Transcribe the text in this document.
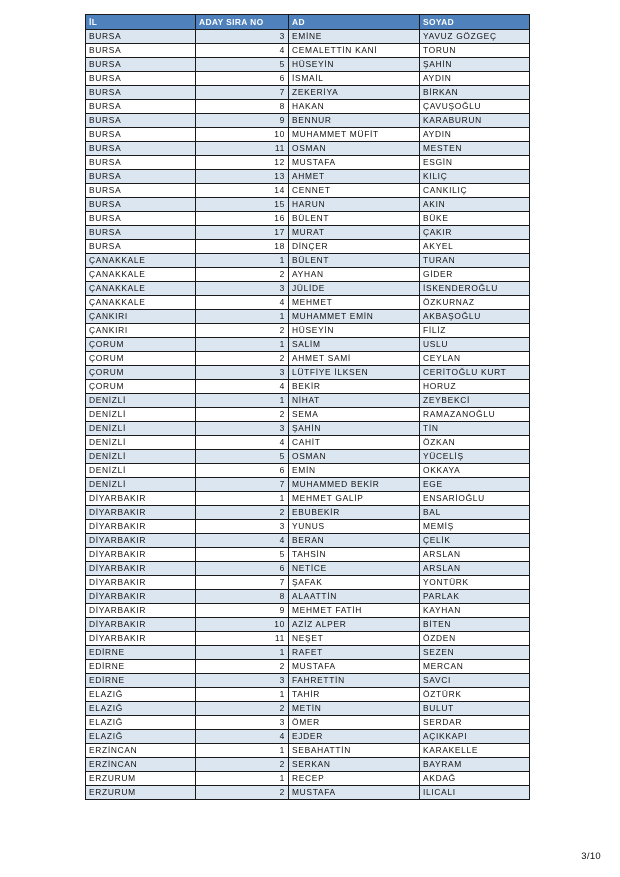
İL	ADAY SIRA NO	AD	SOYAD
BURSA	3	EMİNE	YAVUZ GÖZGEÇ
BURSA	4	CEMALETTİN KANİ	TORUN
BURSA	5	HÜSEYİN	ŞAHİN
BURSA	6	İSMAİL	AYDIN
BURSA	7	ZEKERİYA	BİRKAN
BURSA	8	HAKAN	ÇAVUŞOĞLU
BURSA	9	BENNUR	KARABURUN
BURSA	10	MUHAMMET MÜFİT	AYDIN
BURSA	11	OSMAN	MESTEN
BURSA	12	MUSTAFA	ESGİN
BURSA	13	AHMET	KILIÇ
BURSA	14	CENNET	CANKILIÇ
BURSA	15	HARUN	AKIN
BURSA	16	BÜLENT	BÜKE
BURSA	17	MURAT	ÇAKIR
BURSA	18	DİNÇER	AKYEL
ÇANAKKALE	1	BÜLENT	TURAN
ÇANAKKALE	2	AYHAN	GİDER
ÇANAKKALE	3	JÜLİDE	İSKENDEROĞLU
ÇANAKKALE	4	MEHMET	ÖZKURNAZ
ÇANKIRI	1	MUHAMMET EMİN	AKBAŞOĞLU
ÇANKIRI	2	HÜSEYİN	FİLİZ
ÇORUM	1	SALİM	USLU
ÇORUM	2	AHMET SAMİ	CEYLAN
ÇORUM	3	LÜTFİYE İLKSEN	CERİTOĞLU KURT
ÇORUM	4	BEKİR	HORUZ
DENİZLİ	1	NİHAT	ZEYBEKCİ
DENİZLİ	2	SEMA	RAMAZANOĞLU
DENİZLİ	3	ŞAHİN	TİN
DENİZLİ	4	CAHİT	ÖZKAN
DENİZLİ	5	OSMAN	YÜCELİŞ
DENİZLİ	6	EMİN	OKKAYA
DENİZLİ	7	MUHAMMED BEKİR	EGE
DİYARBAKIR	1	MEHMET GALİP	ENSARİOĞLU
DİYARBAKIR	2	EBUBEKİR	BAL
DİYARBAKIR	3	YUNUS	MEMİŞ
DİYARBAKIR	4	BERAN	ÇELİK
DİYARBAKIR	5	TAHSİN	ARSLAN
DİYARBAKIR	6	NETİCE	ARSLAN
DİYARBAKIR	7	ŞAFAK	YONTÜRK
DİYARBAKIR	8	ALAATTİN	PARLAK
DİYARBAKIR	9	MEHMET FATİH	KAYHAN
DİYARBAKIR	10	AZİZ ALPER	BİTEN
DİYARBAKIR	11	NEŞET	ÖZDEN
EDİRNE	1	RAFET	SEZEN
EDİRNE	2	MUSTAFA	MERCAN
EDİRNE	3	FAHRETTİN	SAVCI
ELAZIĞ	1	TAHİR	ÖZTÜRK
ELAZIĞ	2	METİN	BULUT
ELAZIĞ	3	ÖMER	SERDAR
ELAZIĞ	4	EJDER	AÇIKKAPI
ERZİNCAN	1	SEBAHATTİN	KARAKELLE
ERZİNCAN	2	SERKAN	BAYRAM
ERZURUM	1	RECEP	AKDAĞ
ERZURUM	2	MUSTAFA	ILICALI
3/10
